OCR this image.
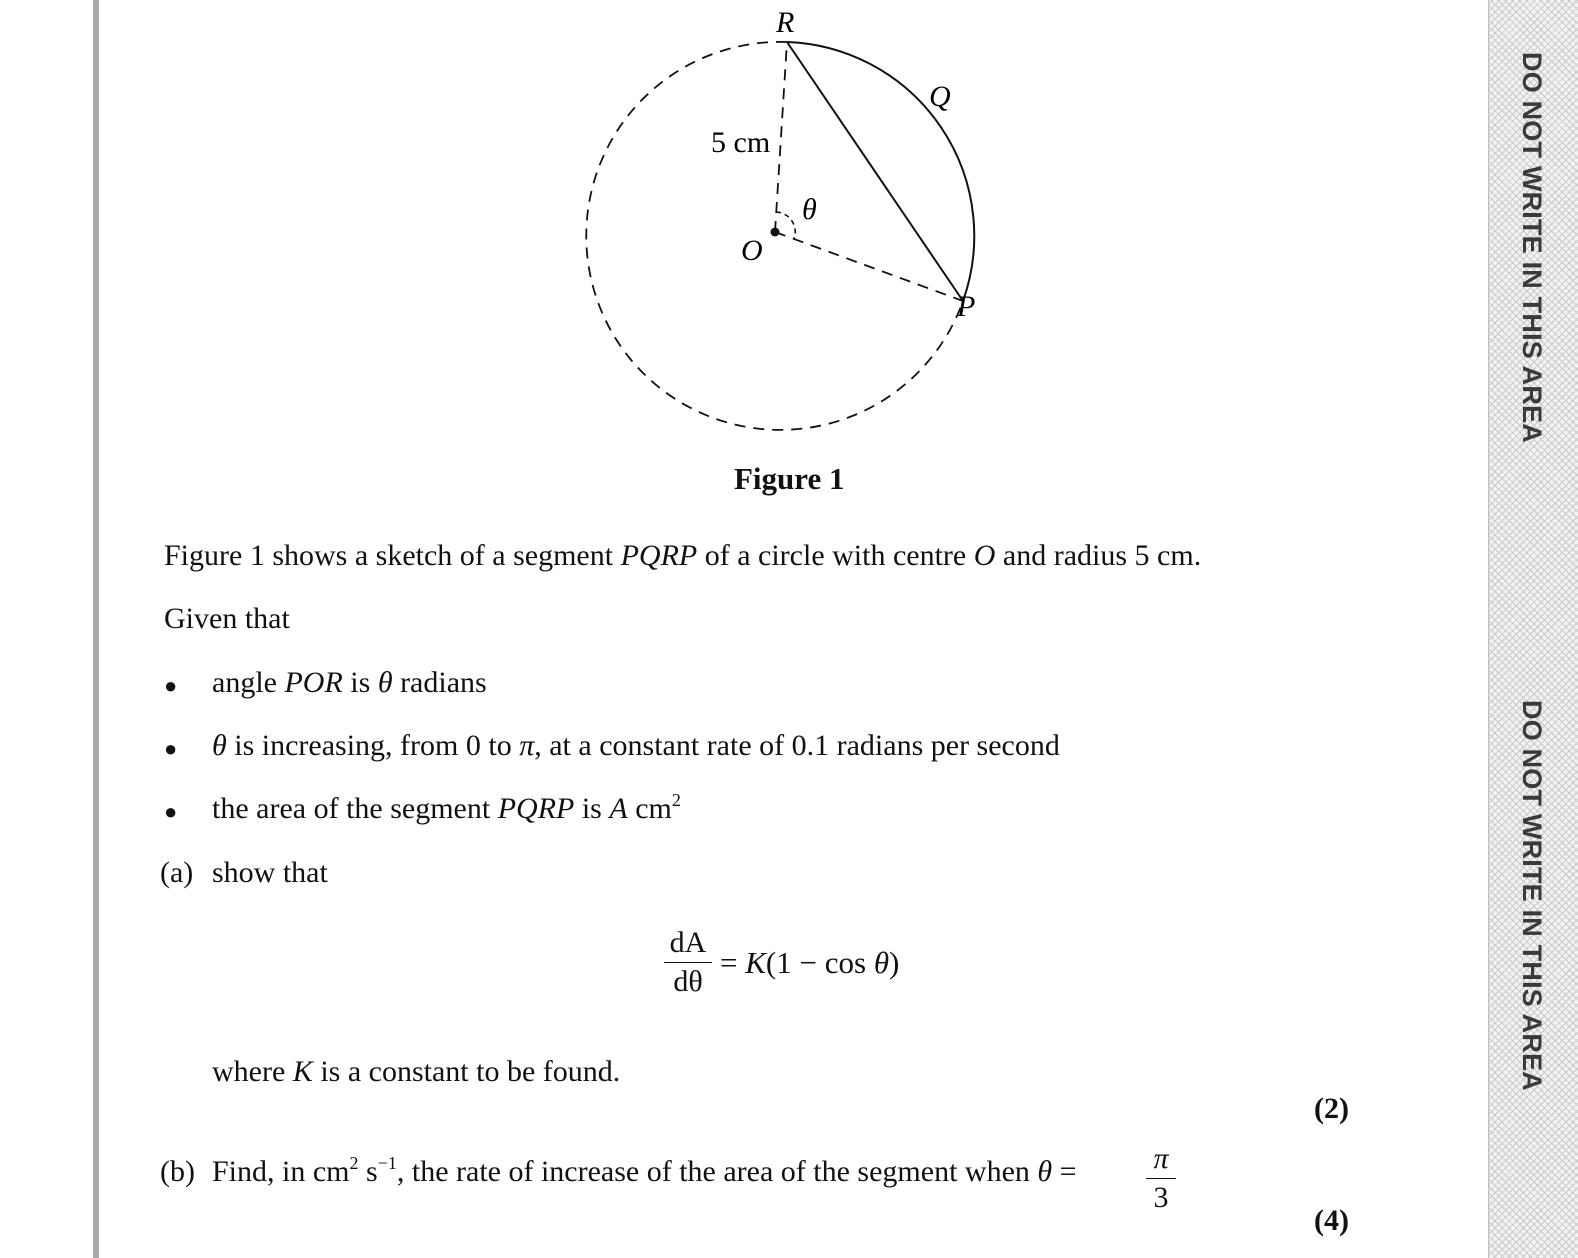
R
Q
O
P
θ
5 cm
Figure 1
Figure 1 shows a sketch of a segment PQRP of a circle with centre O and radius 5 cm.
Given that
● angle POR is θ radians
● θ is increasing, from 0 to π, at a constant rate of 0.1 radians per second
● the area of the segment PQRP is A $cm^2$
(a) show that
dA
dθ
= K(1 − cos θ)
where K is a constant to be found.
(2)
(b) Find, in $cm^2$ $s^{-1}$, the rate of increase of the area of the segment when θ =	π
3
(4)
DO NOT WRITE IN THIS AREA
DO NOT WRITE IN THIS AREA
